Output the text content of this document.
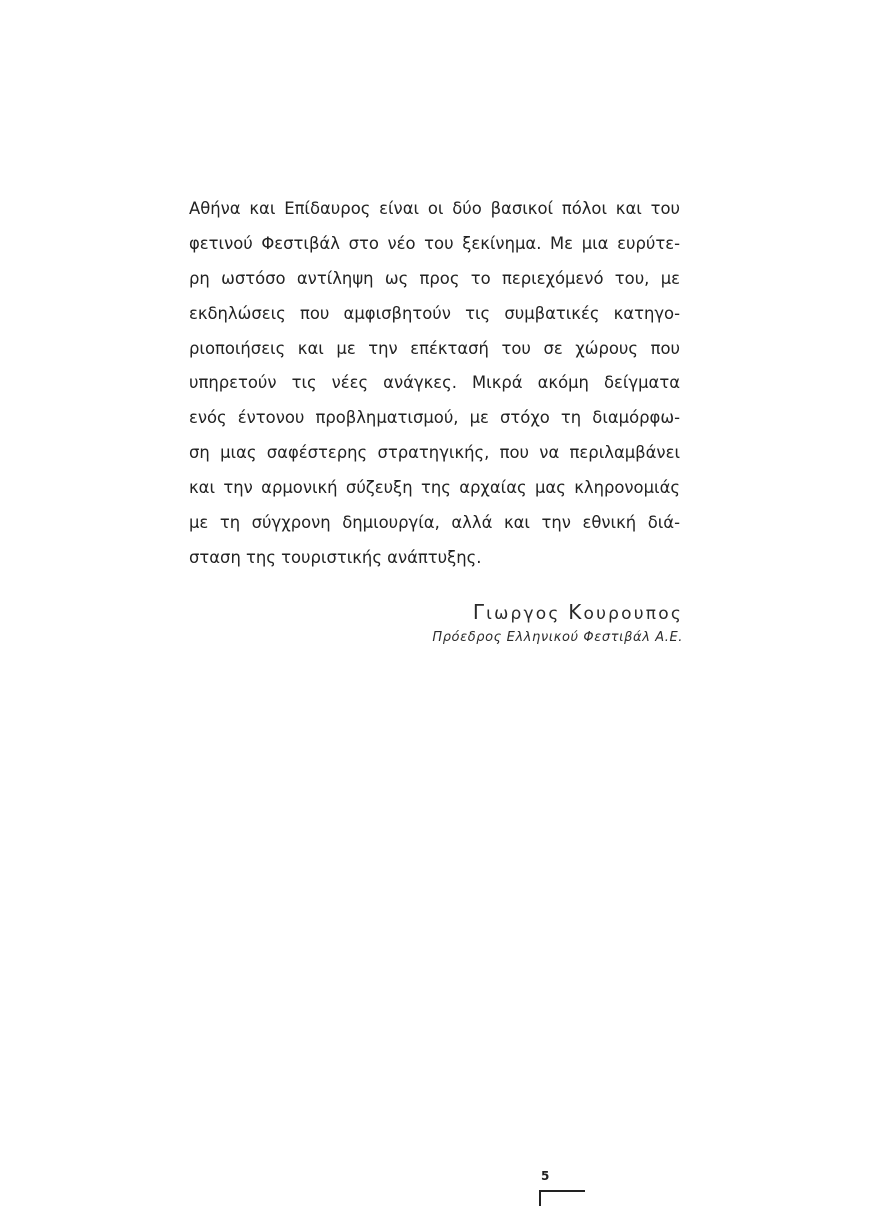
Αθήνα και Επίδαυρος είναι οι δύο βασικοί πόλοι και του
φετινού Φεστιβάλ στο νέο του ξεκίνημα. Με μια ευρύτε-
ρη ωστόσο αντίληψη ως προς το περιεχόμενό του, με
εκδηλώσεις που αμφισβητούν τις συμβατικές κατηγο-
ριοποιήσεις και με την επέκτασή του σε χώρους που
υπηρετούν τις νέες ανάγκες. Μικρά ακόμη δείγματα
ενός έντονου προβληματισμού, με στόχο τη διαμόρφω-
ση μιας σαφέστερης στρατηγικής, που να περιλαμβάνει
και την αρμονική σύζευξη της αρχαίας μας κληρονομιάς
με τη σύγχρονη δημιουργία, αλλά και την εθνική διά-
σταση της τουριστικής ανάπτυξης.
Γιωργος Κουρουπος
Πρόεδρος Ελληνικού Φεστιβάλ Α.Ε.
5
